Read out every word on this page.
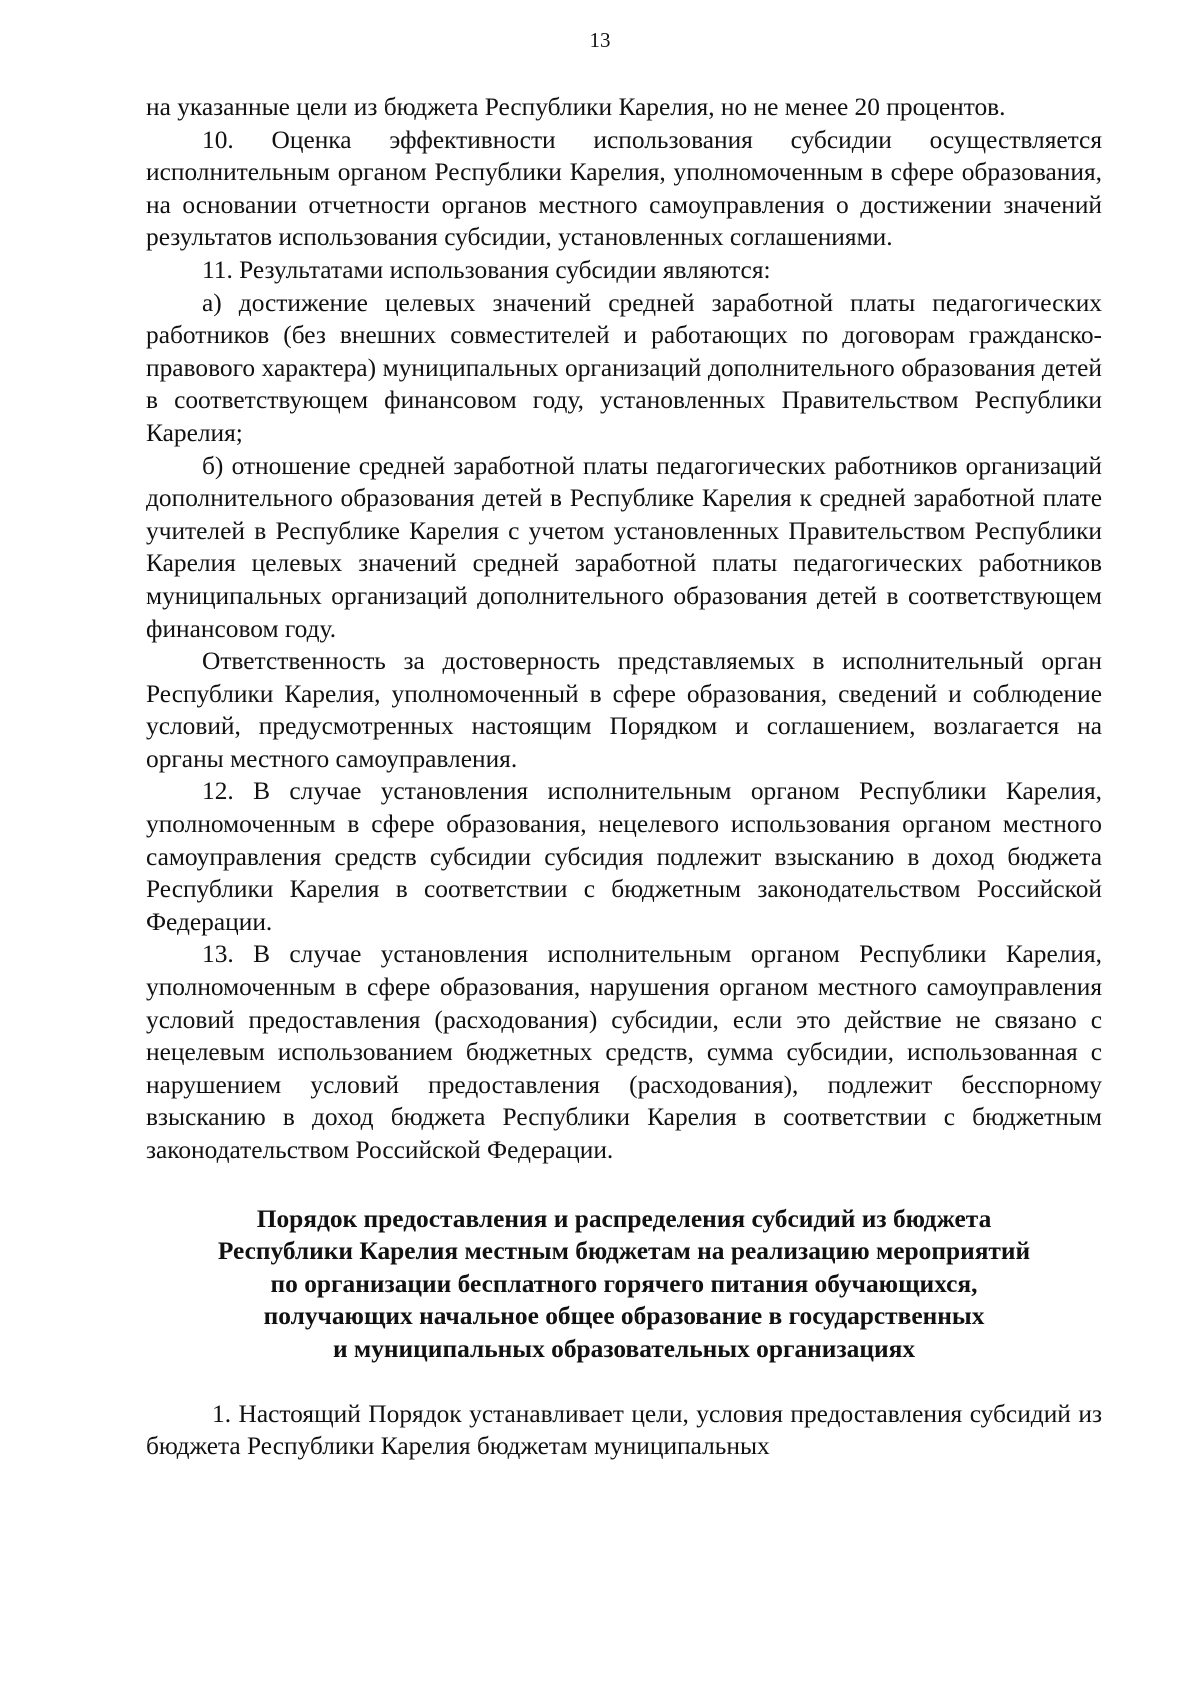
13

на указанные цели из бюджета Республики Карелия, но не менее 20 процентов.

10. Оценка эффективности использования субсидии осуществляется исполнительным органом Республики Карелия, уполномоченным в сфере образования, на основании отчетности органов местного самоуправления о достижении значений результатов использования субсидии, установленных соглашениями.

11. Результатами использования субсидии являются:

а) достижение целевых значений средней заработной платы педагогических работников (без внешних совместителей и работающих по договорам гражданско-правового характера) муниципальных организаций дополнительного образования детей в соответствующем финансовом году, установленных Правительством Республики Карелия;

б) отношение средней заработной платы педагогических работников организаций дополнительного образования детей в Республике Карелия к средней заработной плате учителей в Республике Карелия с учетом установленных Правительством Республики Карелия целевых значений средней заработной платы педагогических работников муниципальных организаций дополнительного образования детей в соответствующем финансовом году.

Ответственность за достоверность представляемых в исполнительный орган Республики Карелия, уполномоченный в сфере образования, сведений и соблюдение условий, предусмотренных настоящим Порядком и соглашением, возлагается на органы местного самоуправления.

12. В случае установления исполнительным органом Республики Карелия, уполномоченным в сфере образования, нецелевого использования органом местного самоуправления средств субсидии субсидия подлежит взысканию в доход бюджета Республики Карелия в соответствии с бюджетным законодательством Российской Федерации.

13. В случае установления исполнительным органом Республики Карелия, уполномоченным в сфере образования, нарушения органом местного самоуправления условий предоставления (расходования) субсидии, если это действие не связано с нецелевым использованием бюджетных средств, сумма субсидии, использованная с нарушением условий предоставления (расходования), подлежит бесспорному взысканию в доход бюджета Республики Карелия в соответствии с бюджетным законодательством Российской Федерации.

Порядок предоставления и распределения субсидий из бюджета
Республики Карелия местным бюджетам на реализацию мероприятий
по организации бесплатного горячего питания обучающихся,
получающих начальное общее образование в государственных
и муниципальных образовательных организациях

1. Настоящий Порядок устанавливает цели, условия предоставления субсидий из бюджета Республики Карелия бюджетам муниципальных
